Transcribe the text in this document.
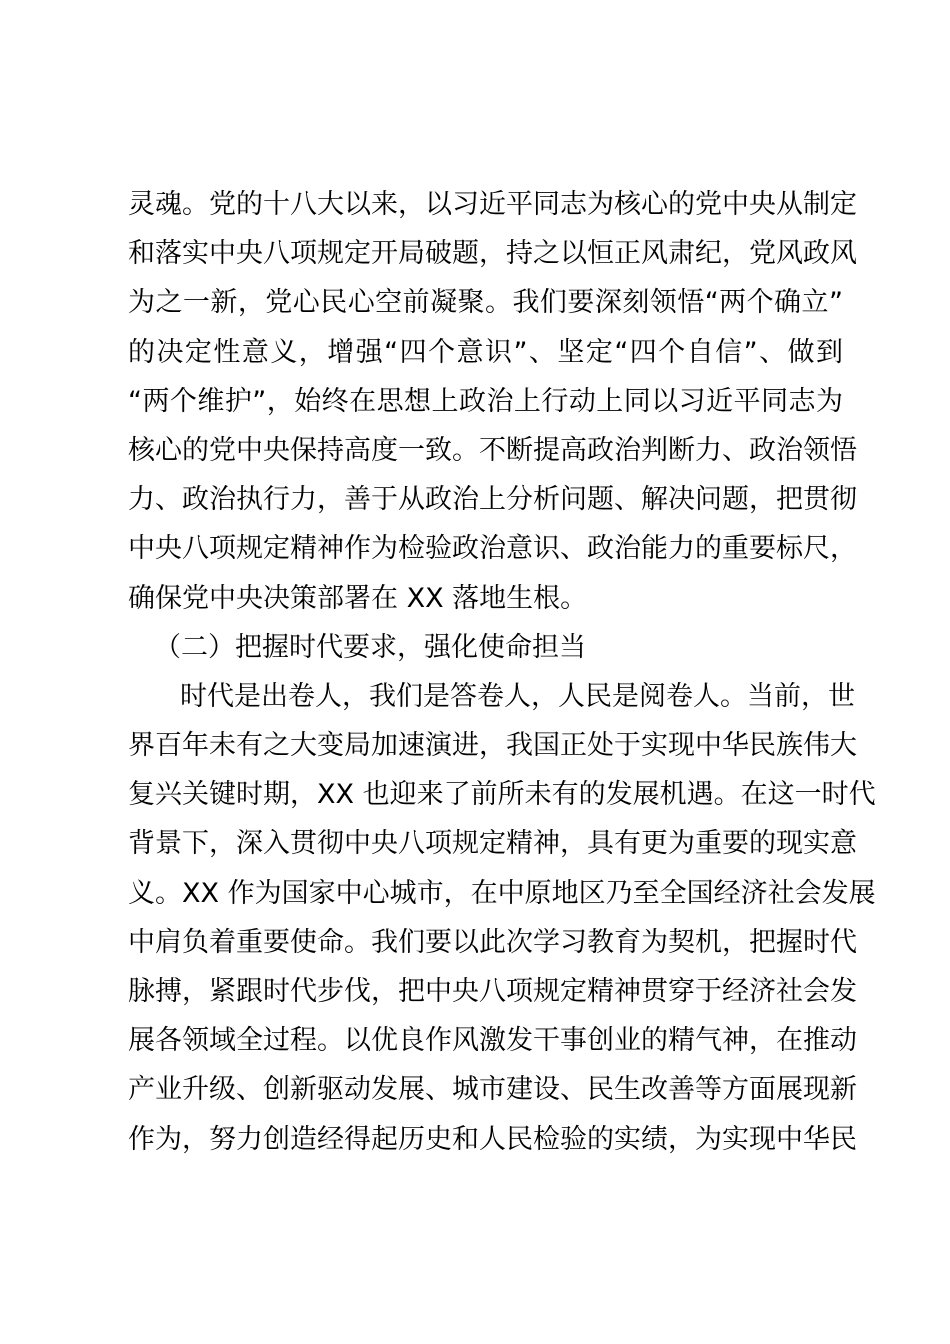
灵魂。党的十八大以来，以习近平同志为核心的党中央从制定
和落实中央八项规定开局破题，持之以恒正风肃纪，党风政风
为之一新，党心民心空前凝聚。我们要深刻领悟“两个确立”
的决定性意义，增强“四个意识”、坚定“四个自信”、做到
“两个维护”，始终在思想上政治上行动上同以习近平同志为
核心的党中央保持高度一致。不断提高政治判断力、政治领悟
力、政治执行力，善于从政治上分析问题、解决问题，把贯彻
中央八项规定精神作为检验政治意识、政治能力的重要标尺，
确保党中央决策部署在 XX 落地生根。
（二）把握时代要求，强化使命担当
时代是出卷人，我们是答卷人，人民是阅卷人。当前，世
界百年未有之大变局加速演进，我国正处于实现中华民族伟大
复兴关键时期，XX 也迎来了前所未有的发展机遇。在这一时代
背景下，深入贯彻中央八项规定精神，具有更为重要的现实意
义。XX 作为国家中心城市，在中原地区乃至全国经济社会发展
中肩负着重要使命。我们要以此次学习教育为契机，把握时代
脉搏，紧跟时代步伐，把中央八项规定精神贯穿于经济社会发
展各领域全过程。以优良作风激发干事创业的精气神，在推动
产业升级、创新驱动发展、城市建设、民生改善等方面展现新
作为，努力创造经得起历史和人民检验的实绩，为实现中华民
